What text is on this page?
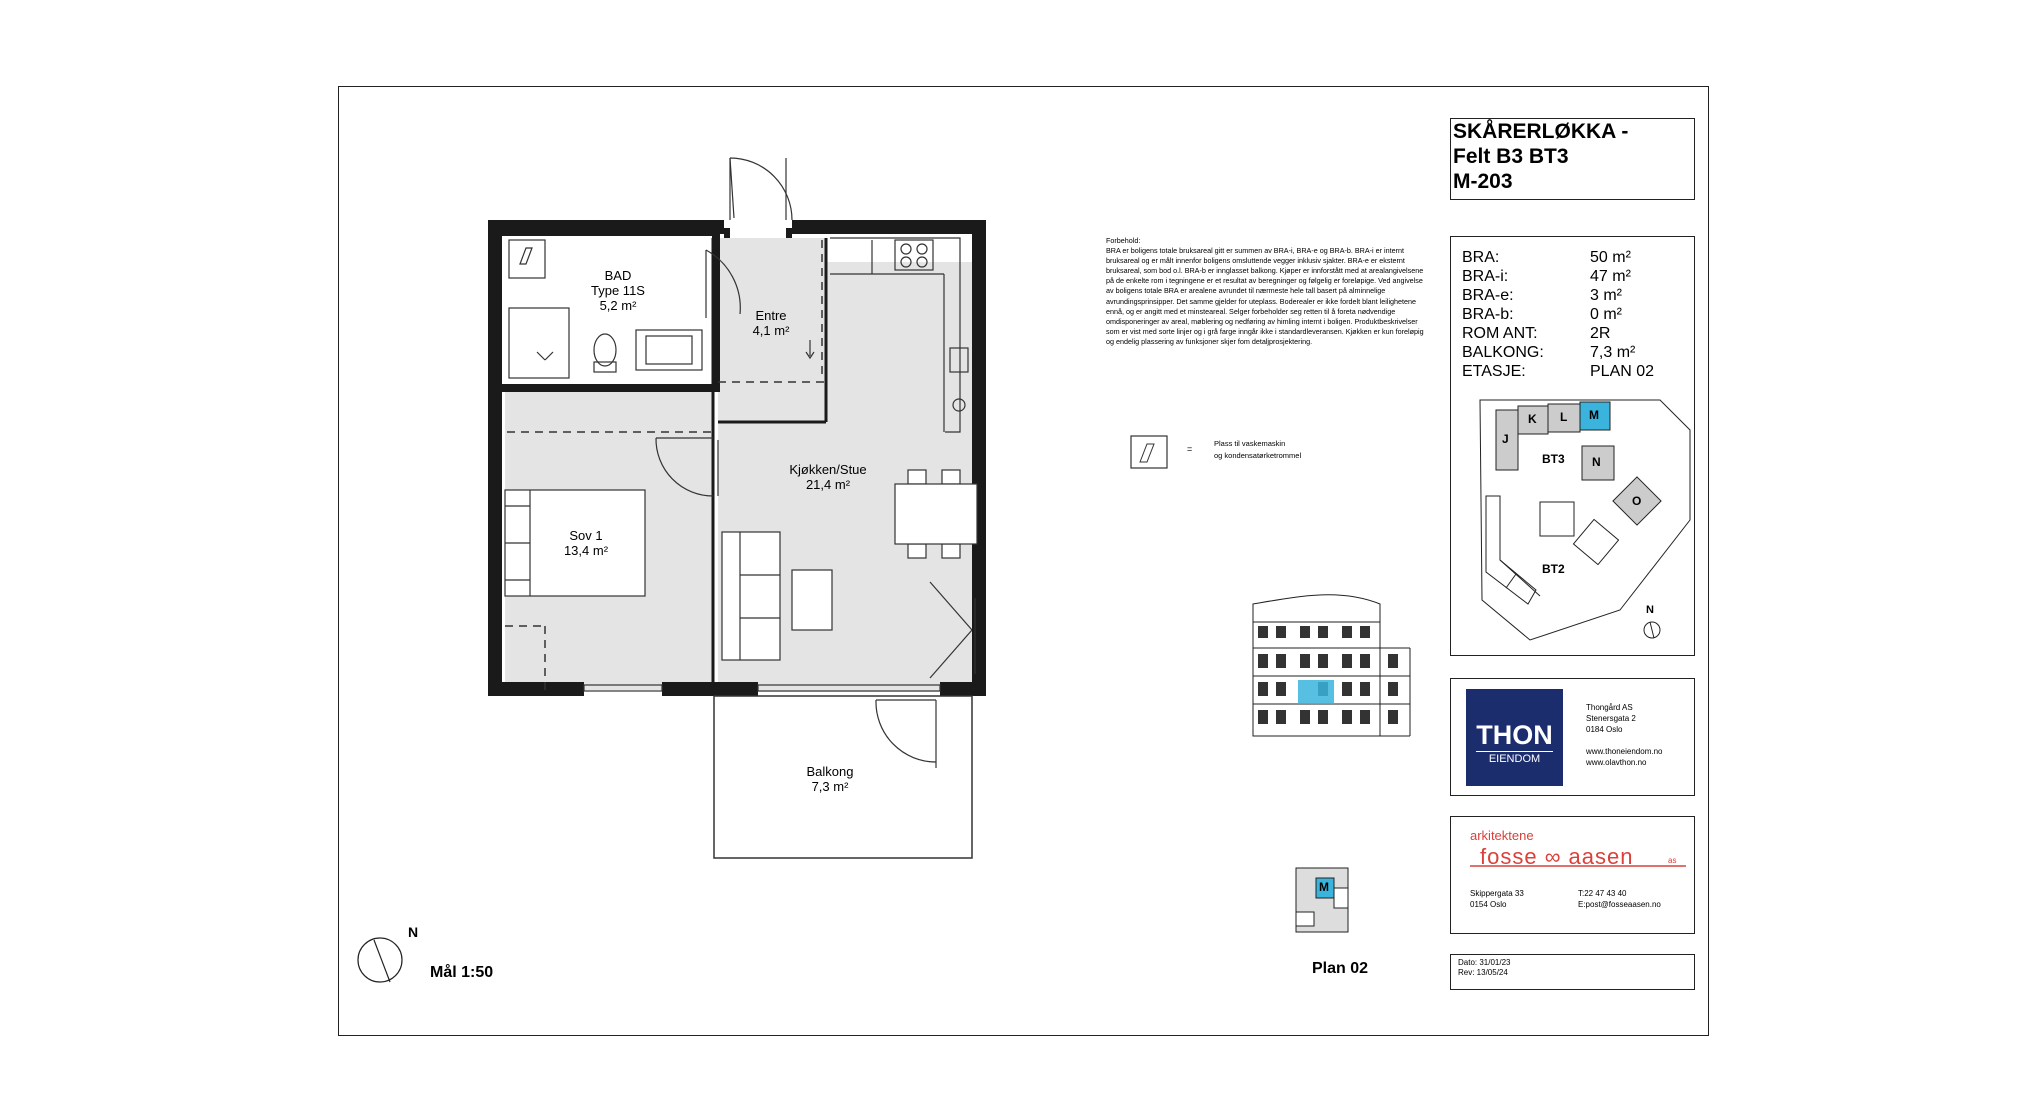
BAD
Type 11S
5,2 m²
Entre
4,1 m²
Kjøkken/Stue
21,4 m²
Sov 1
13,4 m²
Balkong
7,3 m²
Forbehold:
BRA er boligens totale bruksareal gitt er summen av BRA-i, BRA-e og BRA-b. BRA-i er internt bruksareal og er målt innenfor boligens omsluttende vegger inklusiv sjakter. BRA-e er eksternt bruksareal, som bod o.l. BRA-b er innglasset balkong. Kjøper er innforstått med at arealangivelsene på de enkelte rom i tegningene er et resultat av beregninger og følgelig er foreløpige. Ved angivelse av boligens totale BRA er arealene avrundet til nærmeste hele tall basert på alminnelige avrundingsprinsipper. Det samme gjelder for uteplass. Boderealer er ikke fordelt blant leilighetene ennå, og er angitt med et minsteareal. Selger forbeholder seg retten til å foreta nødvendige omdisponeringer av areal, møblering og nedføring av himling internt i boligen. Produktbeskrivelser som er vist med sorte linjer og i grå farge inngår ikke i standardleveransen. Kjøkken er kun foreløpig og endelig plassering av funksjoner skjer fom detaljprosjektering.
=
Plass til vaskemaskin
og kondensatørketrommel
SKÅRERLØKKA -
Felt B3 BT3
M-203
BRA:
BRA-i:
BRA-e:
BRA-b:
ROM ANT:
BALKONG:
ETASJE:
50 m²
47 m²
3 m²
0 m²
2R
7,3 m²
PLAN 02
J
K L M
N
O
BT3
BT2
N
THON
EIENDOM
Thongård AS
Stenersgata 2
0184 Oslo
www.thoneiendom.no
www.olavthon.no
arkitektene
fosse ∞ aasen	as
Skippergata 33
0154 Oslo
T:22 47 43 40
E:post@fosseaasen.no
Dato: 31/01/23
Rev: 13/05/24
N
Mål 1:50	Plan 02
M
